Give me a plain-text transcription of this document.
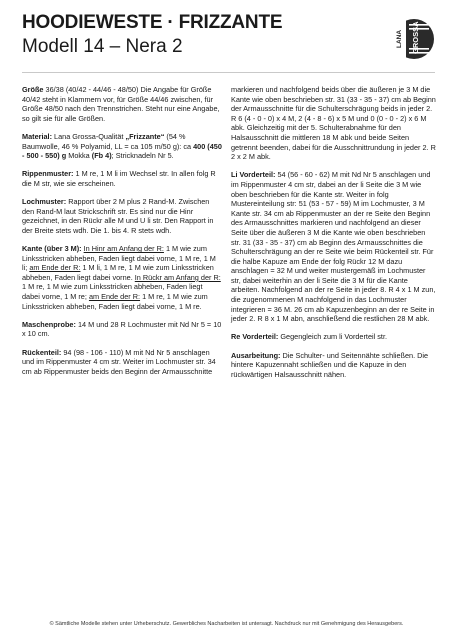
HOODIEWESTE · FRIZZANTE
Modell 14 – Nera 2	LANA GROSSA

Größe 36/38 (40/42 - 44/46 - 48/50) Die Angabe für Größe 40/42 steht in Klammern vor, für Größe 44/46 zwischen, für Größe 48/50 nach den Trennstrichen. Steht nur eine Angabe, so gilt sie für alle Größen.

Material: Lana Grossa-Qualität „Frizzante“ (54 % Baumwolle, 46 % Polyamid, LL = ca 105 m/50 g): ca 400 (450 - 500 - 550) g Mokka (Fb 4); Stricknadeln Nr 5.

Rippenmuster: 1 M re, 1 M li im Wechsel str. In allen folg R die M str, wie sie erscheinen.

Lochmuster: Rapport über 2 M plus 2 Rand-M. Zwischen den Rand-M laut Strickschrift str. Es sind nur die Hinr gezeichnet, in den Rückr alle M und U li str. Den Rapport in der Breite stets wdh. Die 1. bis 4. R stets wdh.

Kante (über 3 M): In Hinr am Anfang der R: 1 M wie zum Linksstricken abheben, Faden liegt dabei vorne, 1 M re, 1 M li; am Ende der R: 1 M li, 1 M re, 1 M wie zum Linksstricken abheben, Faden liegt dabei vorne. In Rückr am Anfang der R: 1 M re, 1 M wie zum Linksstricken abheben, Faden liegt dabei vorne, 1 M re; am Ende der R: 1 M re, 1 M wie zum Linksstricken abheben, Faden liegt dabei vorne, 1 M re.

Maschenprobe: 14 M und 28 R Lochmuster mit Nd Nr 5 = 10 x 10 cm.

Rückenteil: 94 (98 - 106 - 110) M mit Nd Nr 5 anschlagen und im Rippenmuster 4 cm str. Weiter im Lochmuster str. 34 cm ab Rippenmuster beids den Beginn der Armausschnitte

markieren und nachfolgend beids über die äußeren je 3 M die Kante wie oben beschrieben str. 31 (33 - 35 - 37) cm ab Beginn der Armausschnitte für die Schulterschrägung beids in jeder 2. R 6 (4 - 0 - 0) x 4 M, 2 (4 - 8 - 6) x 5 M und 0 (0 - 0 - 2) x 6 M abk. Gleichzeitig mit der 5. Schulterabnahme für den Halsausschnitt die mittleren 18 M abk und beide Seiten getrennt beenden, dabei für die Ausschnittrundung in jeder 2. R 2 x 2 M abk.

Li Vorderteil: 54 (56 - 60 - 62) M mit Nd Nr 5 anschlagen und im Rippenmuster 4 cm str, dabei an der li Seite die 3 M wie oben beschrieben für die Kante str. Weiter in folg Mustereinteilung str: 51 (53 - 57 - 59) M im Lochmuster, 3 M Kante str. 34 cm ab Rippenmuster an der re Seite den Beginn des Armausschnittes markieren und nachfolgend an dieser Seite über die äußeren 3 M die Kante wie oben beschrieben str. 31 (33 - 35 - 37) cm ab Beginn des Armausschnittes die Schulterschrägung an der re Seite wie beim Rückenteil str. Für die halbe Kapuze am Ende der folg Rückr 12 M dazu anschlagen = 32 M und weiter mustergemäß im Lochmuster str, dabei weiterhin an der li Seite die 3 M für die Kante arbeiten. Nachfolgend an der re Seite in jeder 8. R 4 x 1 M zun, die zugenommenen M nachfolgend in das Lochmuster integrieren = 36 M. 26 cm ab Kapuzenbeginn an der re Seite in jeder 2. R 8 x 1 M abn, anschließend die restlichen 28 M abk.

Re Vorderteil: Gegengleich zum li Vorderteil str.

Ausarbeitung: Die Schulter- und Seitennähte schließen. Die hintere Kapuzennaht schließen und die Kapuze in den rückwärtigen Halsausschnitt nähen.

© Sämtliche Modelle stehen unter Urheberschutz. Gewerbliches Nacharbeiten ist untersagt. Nachdruck nur mit Genehmigung des Herausgebers.
